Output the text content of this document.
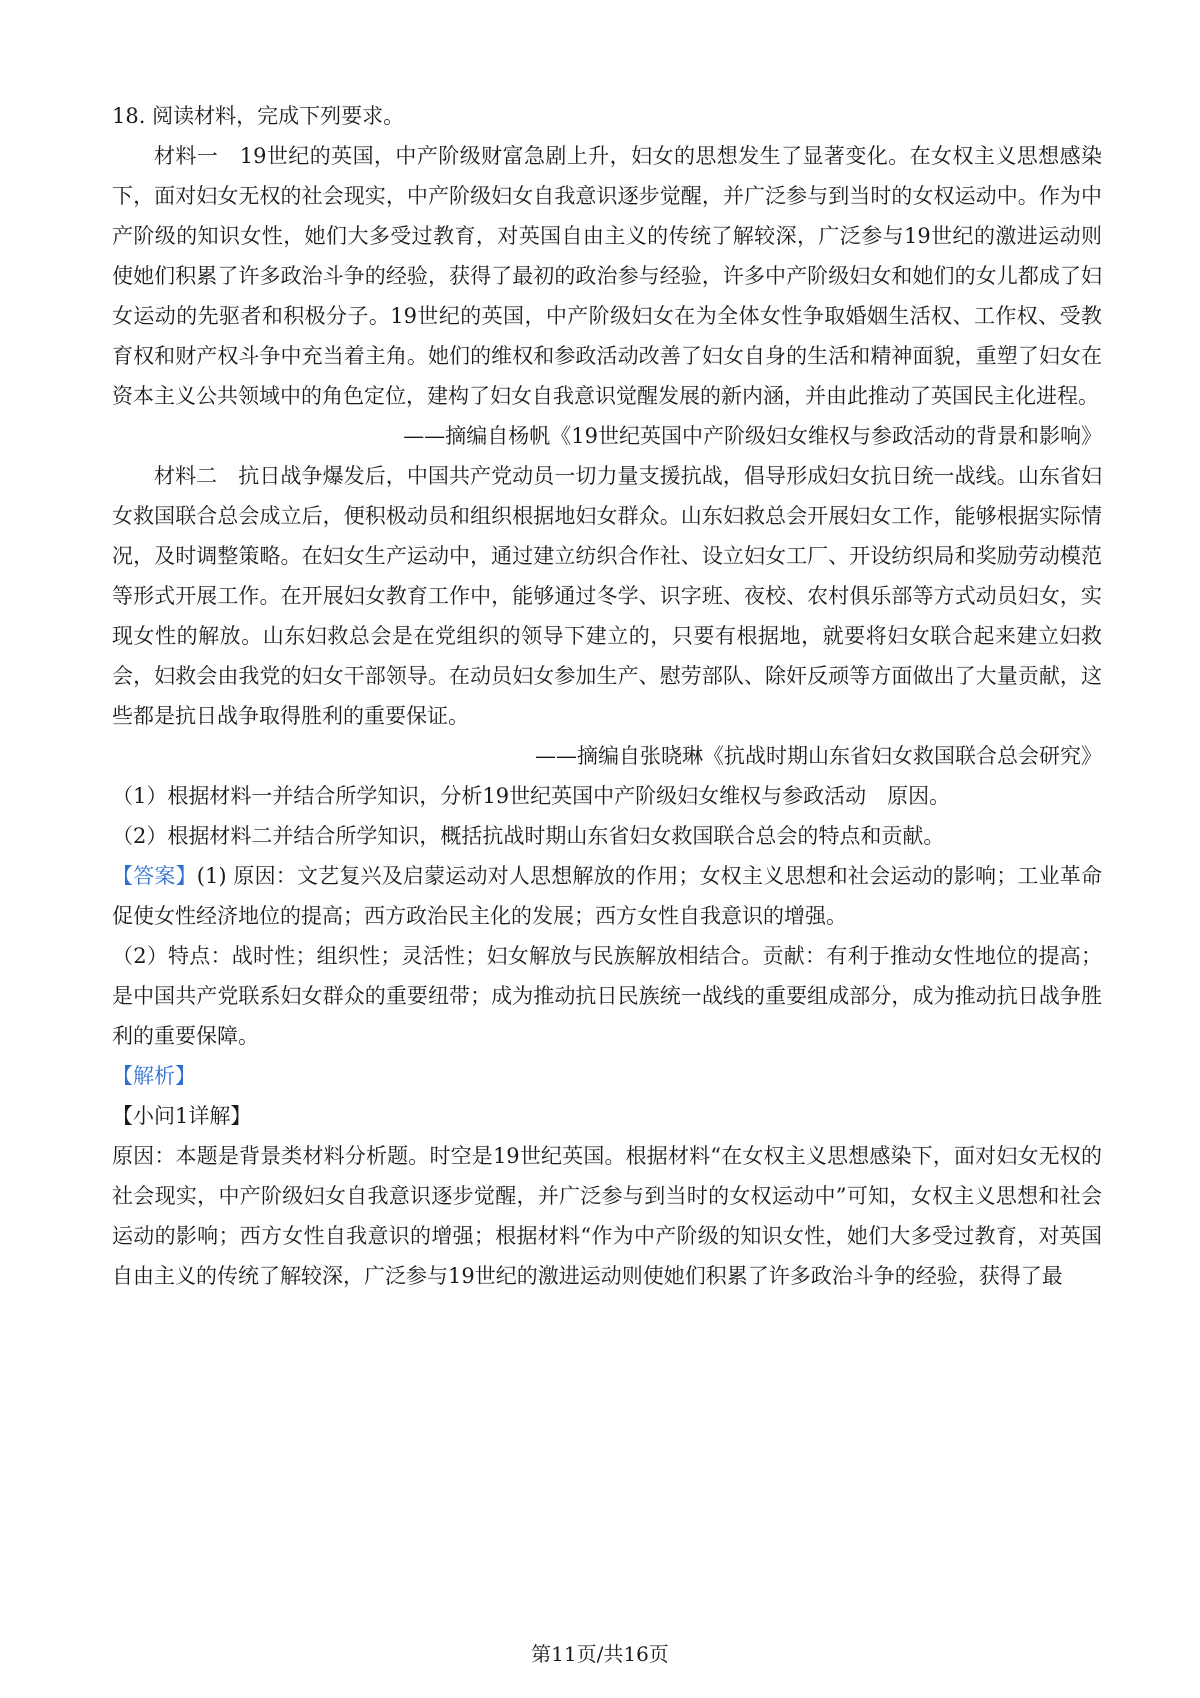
18. 阅读材料，完成下列要求。

材料一　 19世纪的英国，中产阶级财富急剧上升，妇女的思想发生了显著变化。在女权主义思想感染下，面对妇女无权的社会现实，中产阶级妇女自我意识逐步觉醒，并广泛参与到当时的女权运动中。作为中产阶级的知识女性，她们大多受过教育，对英国自由主义的传统了解较深，广泛参与19世纪的激进运动则使她们积累了许多政治斗争的经验，获得了最初的政治参与经验，许多中产阶级妇女和她们的女儿都成了妇女运动的先驱者和积极分子。19世纪的英国，中产阶级妇女在为全体女性争取婚姻生活权、工作权、受教育权和财产权斗争中充当着主角。她们的维权和参政活动改善了妇女自身的生活和精神面貌，重塑了妇女在资本主义公共领域中的角色定位，建构了妇女自我意识觉醒发展的新内涵，并由此推动了英国民主化进程。

——摘编自杨帆《19世纪英国中产阶级妇女维权与参政活动的背景和影响》

材料二　 抗日战争爆发后，中国共产党动员一切力量支援抗战，倡导形成妇女抗日统一战线。山东省妇女救国联合总会成立后，便积极动员和组织根据地妇女群众。山东妇救总会开展妇女工作，能够根据实际情况，及时调整策略。在妇女生产运动中，通过建立纺织合作社、设立妇女工厂、开设纺织局和奖励劳动模范等形式开展工作。在开展妇女教育工作中，能够通过冬学、识字班、夜校、农村俱乐部等方式动员妇女，实现女性的解放。山东妇救总会是在党组织的领导下建立的，只要有根据地，就要将妇女联合起来建立妇救会，妇救会由我党的妇女干部领导。在动员妇女参加生产、慰劳部队、除奸反顽等方面做出了大量贡献，这些都是抗日战争取得胜利的重要保证。

——摘编自张晓琳《抗战时期山东省妇女救国联合总会研究》

（1）根据材料一并结合所学知识，分析19世纪英国中产阶级妇女维权与参政活动　原因。

（2）根据材料二并结合所学知识，概括抗战时期山东省妇女救国联合总会的特点和贡献。

【答案】(1) 原因：文艺复兴及启蒙运动对人思想解放的作用；女权主义思想和社会运动的影响；工业革命促使女性经济地位的提高；西方政治民主化的发展；西方女性自我意识的增强。

（2）特点：战时性；组织性；灵活性；妇女解放与民族解放相结合。贡献：有利于推动女性地位的提高；是中国共产党联系妇女群众的重要纽带；成为推动抗日民族统一战线的重要组成部分，成为推动抗日战争胜利的重要保障。

【解析】

【小问1详解】

原因：本题是背景类材料分析题。时空是19世纪英国。根据材料“在女权主义思想感染下，面对妇女无权的社会现实，中产阶级妇女自我意识逐步觉醒，并广泛参与到当时的女权运动中”可知，女权主义思想和社会运动的影响；西方女性自我意识的增强；根据材料“作为中产阶级的知识女性，她们大多受过教育，对英国自由主义的传统了解较深，广泛参与19世纪的激进运动则使她们积累了许多政治斗争的经验，获得了最

第11页/共16页
